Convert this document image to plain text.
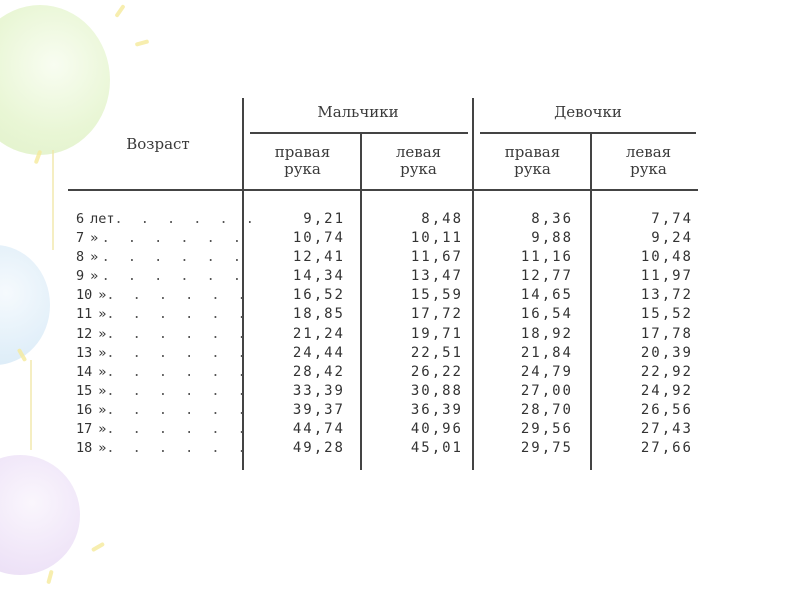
Возраст
Мальчики	Девочки
правая
рука
левая
рука
правая
рука
левая
рука
6 лет . . . . . .
7 » . . . . . .
8 » . . . . . .
9 » . . . . . .
10 » . . . . . .
11 » . . . . . .
12 » . . . . . .
13 » . . . . . .
14 » . . . . . .
15 » . . . . . .
16 » . . . . . .
17 » . . . . . .
18 » . . . . . .
9,21
10,74
12,41
14,34
16,52
18,85
21,24
24,44
28,42
33,39
39,37
44,74
49,28
8,48
10,11
11,67
13,47
15,59
17,72
19,71
22,51
26,22
30,88
36,39
40,96
45,01
8,36
9,88
11,16
12,77
14,65
16,54
18,92
21,84
24,79
27,00
28,70
29,56
29,75
7,74
9,24
10,48
11,97
13,72
15,52
17,78
20,39
22,92
24,92
26,56
27,43
27,66
